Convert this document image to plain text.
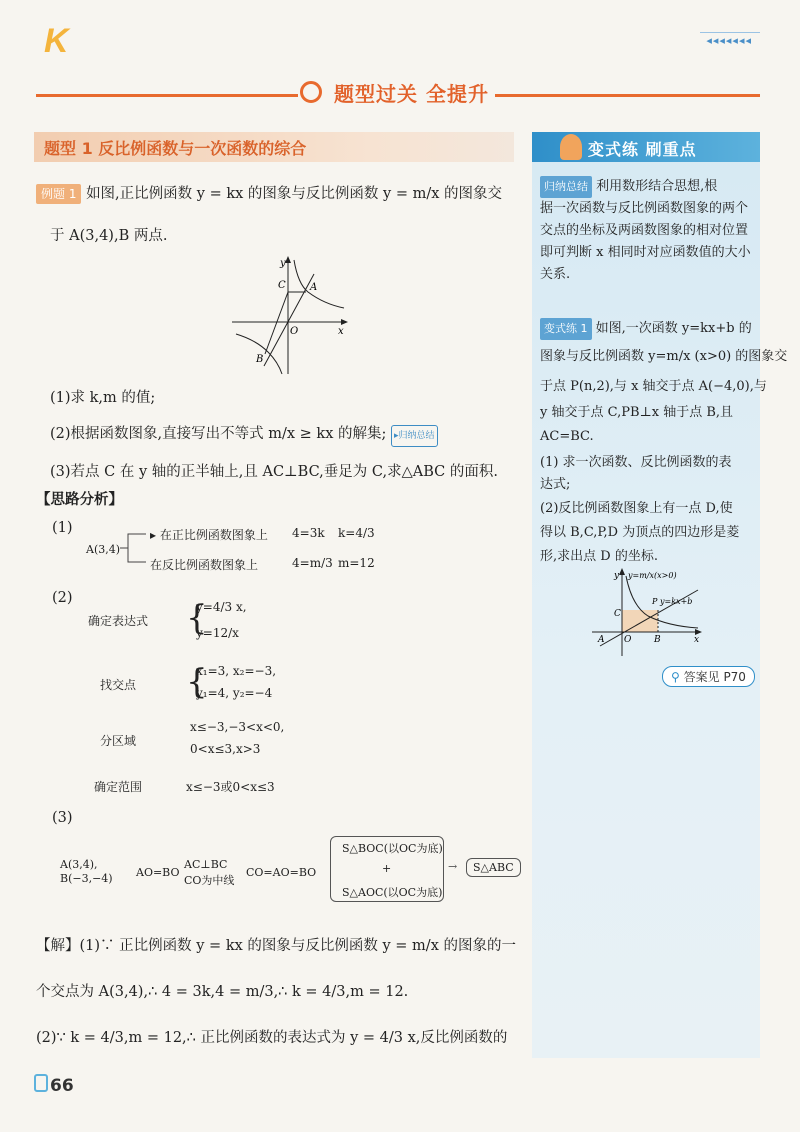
K	◂◂◂◂◂◂◂
题型过关 全提升
题型 1 反比例函数与一次函数的综合
例题 1 如图,正比例函数 y = kx 的图象与反比例函数 y = m/x 的图象交
于 A(3,4),B 两点.
y
x
O
A
B
C
(1)求 k,m 的值;
(2)根据函数图象,直接写出不等式 m/x ≥ kx 的解集; ▸归纳总结
(3)若点 C 在 y 轴的正半轴上,且 AC⊥BC,垂足为 C,求△ABC 的面积.
【思路分析】
(1)
A(3,4)
▸ 在正比例函数图象上 4=3k k=4/3
在反比例函数图象上	4=m/3 m=12
(2)
确定表达式
y=4/3 x,
y=12/x
{
找交点
x₁=3, x₂=−3,
y₁=4, y₂=−4
{
分区域
x≤−3,−3<x<0,
0<x≤3,x>3
确定范围	x≤−3或0<x≤3
(3)
A(3,4),
B(−3,−4) AO=BO
AC⊥BC
CO为中线
CO=AO=BO
S△BOC(以OC为底)
+
S△AOC(以OC为底)
S△ABC
→
【解】(1)∵ 正比例函数 y = kx 的图象与反比例函数 y = m/x 的图象的一
个交点为 A(3,4),∴ 4 = 3k,4 = m/3,∴ k = 4/3,m = 12.
(2)∵ k = 4/3,m = 12,∴ 正比例函数的表达式为 y = 4/3 x,反比例函数的
变式练 刷重点
归纳总结 利用数形结合思想,根
据一次函数与反比例函数图象的两个
交点的坐标及两函数图象的相对位置
即可判断 x 相同时对应函数值的大小
关系.
变式练 1 如图,一次函数 y=kx+b 的
图象与反比例函数 y=m/x (x>0) 的图象交
于点 P(n,2),与 x 轴交于点 A(−4,0),与
y 轴交于点 C,PB⊥x 轴于点 B,且
AC=BC.
(1) 求一次函数、反比例函数的表
达式;
(2)反比例函数图象上有一点 D,使
得以 B,C,P,D 为顶点的四边形是菱
形,求出点 D 的坐标.
y y=m/x(x>0)
P y=kx+b
C
A O	B	x
⚲ 答案见 P70
66
